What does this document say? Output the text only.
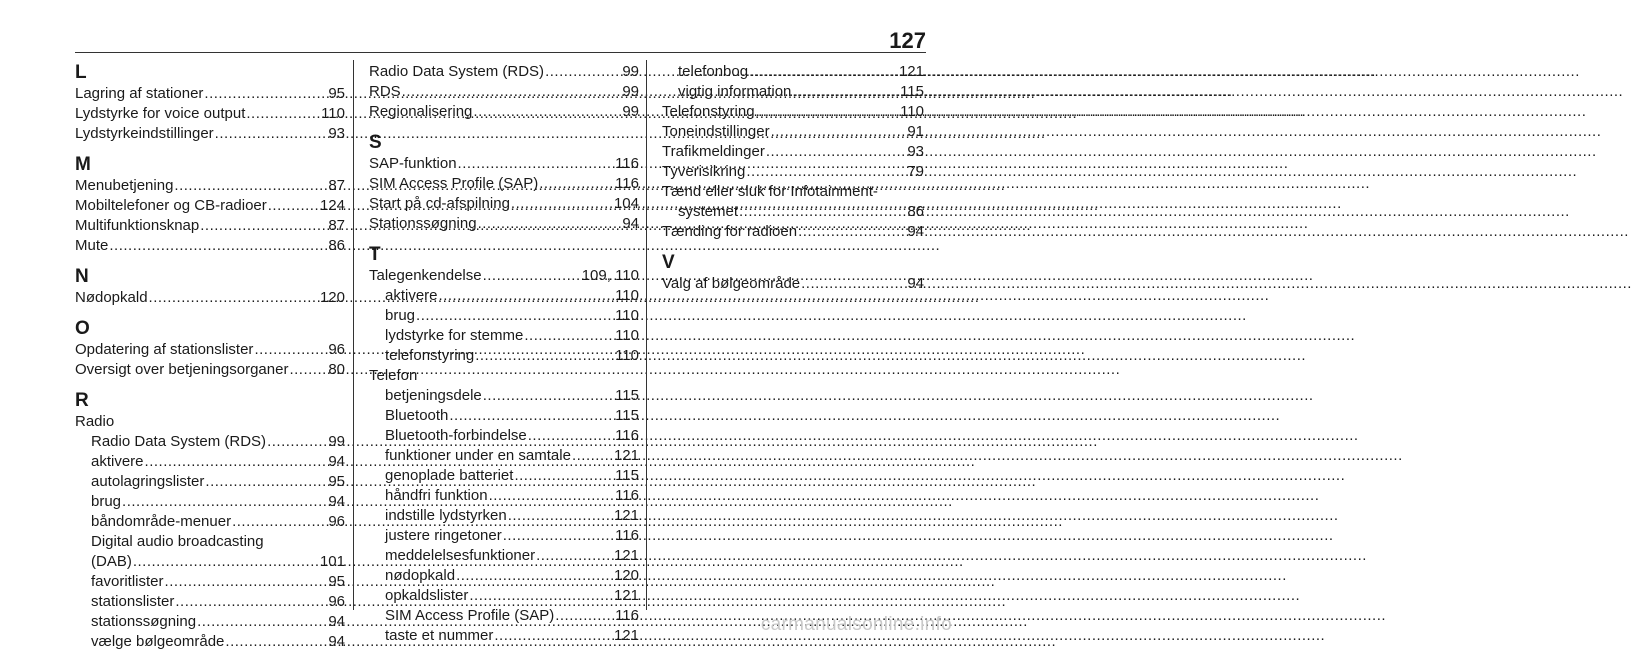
127
L
Lagring af stationer .....	95
Lydstyrke for voice output .....	110
Lydstyrkeindstillinger .....	93
M
Menubetjening .....	87
Mobiltelefoner og CB-radioer .....	124
Multifunktionsknap .....	87
Mute .....	86
N
Nødopkald .....	120
O
Opdatering af stationslister .....	96
Oversigt over betjeningsorganer .....	80
R
Radio
Radio Data System (RDS) .....	99
aktivere .....	94
autolagringslister .....	95
brug .....	94
båndområde-menuer .....	96
Digital audio broadcasting
(DAB) .....	101
favoritlister .....	95
stationslister .....	96
stationssøgning .....	94
vælge bølgeområde .....	94
Radio Data System (RDS) .....	99
RDS .....	99
Regionalisering .....	99
S
SAP-funktion .....	116
SIM Access Profile (SAP) .....	116
Start på cd-afspilning .....	104
Stationssøgning .....	94
T
Talegenkendelse .....	109, 110
aktivere .....	110
brug .....	110
lydstyrke for stemme .....	110
telefonstyring .....	110
Telefon
betjeningsdele .....	115
Bluetooth .....	115
Bluetooth-forbindelse .....	116
funktioner under en samtale .....	121
genoplade batteriet .....	115
håndfri funktion .....	116
indstille lydstyrken .....	121
justere ringetoner .....	116
meddelelsesfunktioner .....	121
nødopkald .....	120
opkaldslister .....	121
SIM Access Profile (SAP) .....	116
taste et nummer .....	121
telefonbog .....	121
vigtig information .....	115
Telefonstyring .....	110
Toneindstillinger .....	91
Trafikmeldinger .....	93
Tyverisikring .....	79
Tænd eller sluk for Infotainment-
systemet .....	86
Tænding for radioen .....	94
V
Valg af bølgeområde .....	94
carmanualsonline.info
